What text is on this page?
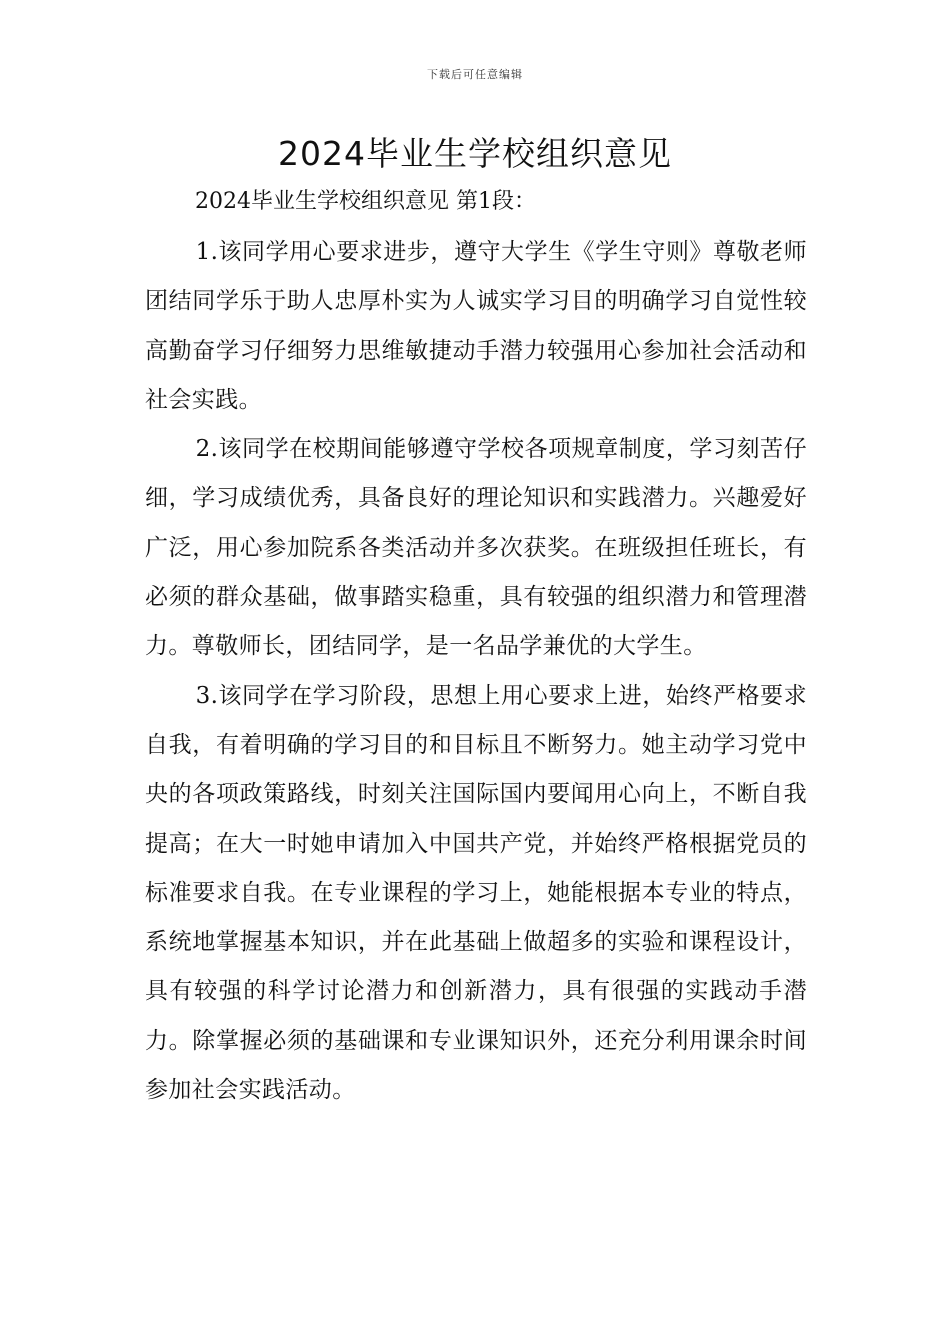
下载后可任意编辑
2024毕业生学校组织意见

2024毕业生学校组织意见 第1段：

1.该同学用心要求进步，遵守大学生《学生守则》尊敬老师团结同学乐于助人忠厚朴实为人诚实学习目的明确学习自觉性较高勤奋学习仔细努力思维敏捷动手潜力较强用心参加社会活动和社会实践。

2.该同学在校期间能够遵守学校各项规章制度，学习刻苦仔细，学习成绩优秀，具备良好的理论知识和实践潜力。兴趣爱好广泛，用心参加院系各类活动并多次获奖。在班级担任班长，有必须的群众基础，做事踏实稳重，具有较强的组织潜力和管理潜力。尊敬师长，团结同学，是一名品学兼优的大学生。

3.该同学在学习阶段，思想上用心要求上进，始终严格要求自我，有着明确的学习目的和目标且不断努力。她主动学习党中央的各项政策路线，时刻关注国际国内要闻用心向上，不断自我提高；在大一时她申请加入中国共产党，并始终严格根据党员的标准要求自我。在专业课程的学习上，她能根据本专业的特点，系统地掌握基本知识，并在此基础上做超多的实验和课程设计，具有较强的科学讨论潜力和创新潜力，具有很强的实践动手潜力。除掌握必须的基础课和专业课知识外，还充分利用课余时间参加社会实践活动。
